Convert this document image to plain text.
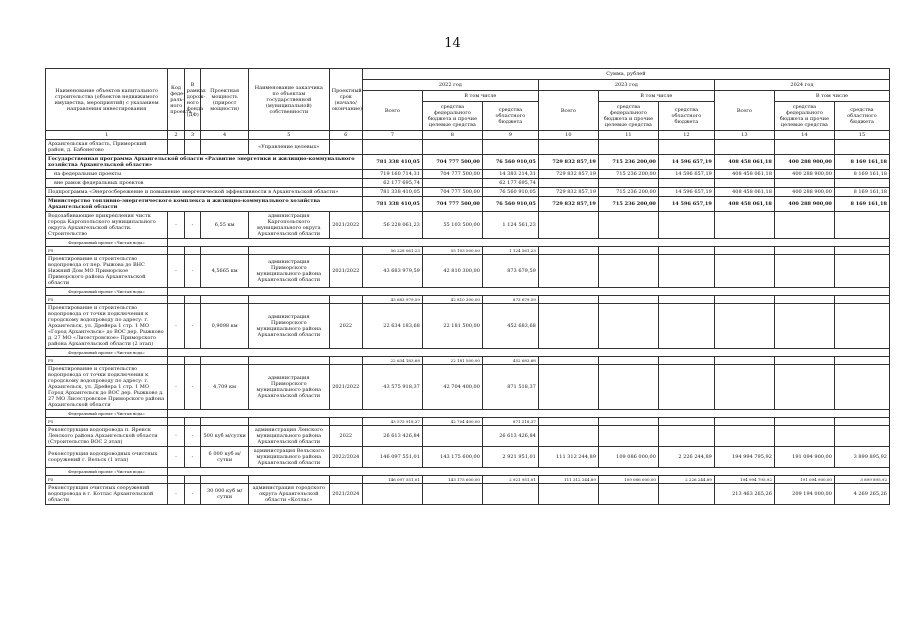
14
Наименование объектов капитального строительства (объектов недвижимого имущества, мероприятий) с указанием направления инвестирования	Код феде-раль-ного проекта	В рамках дорож-ного фонда (ДФ)	Проектная мощность (прирост мощности)	Наименование заказчика по объектам государственной (муниципальной) собственности	Проектный срок (начало/окончание)	Сумма, рублей								
						2022 год			2023 год			2024 год		
						Всего	В том числе		Всего	В том числе		Всего	В том числе	
							средства федерального бюджета и прочие целевые средства	средства областного бюджета		средства федерального бюджета и прочие целевые средства	средства областного бюджета		средства федерального бюджета и прочие целевые средства	средства областного бюджета
1	2	3	4	5	6	7	8	9	10	11	12	13	14	15
Архангельская область, Приморский район, д. Бабонегово				«Управление целевых»										
Государственная программа Архангельской области «Развитие энергетики и жилищно-коммунального хозяйства Архангельской области»						781 338 410,05	704 777 500,00	76 560 910,05	729 832 857,19	715 236 200,00	14 596 657,19	408 458 061,18	400 288 900,00	8 169 161,18
на федеральные проекты						719 160 714,31	704 777 500,00	14 383 214,31	729 832 857,19	715 236 200,00	14 596 657,19	408 458 061,18	400 288 900,00	8 169 161,18
вне рамок федеральных проектов						62 177 695,74		62 177 695,74						
Подпрограмма «Энергосбережение и повышение энергетической эффективности в Архангельской области»						781 338 410,05	704 777 500,00	76 560 910,05	729 832 857,19	715 236 200,00	14 596 657,19	408 458 061,18	400 288 900,00	8 169 161,18
Министерство топливно-энергетического комплекса и жилищно-коммунального хозяйства Архангельской области						781 338 410,05	704 777 500,00	76 560 910,05	729 832 857,19	715 236 200,00	14 596 657,19	408 458 061,18	400 288 900,00	8 169 161,18
Водозабивающие прикрепления чистк города Каргопольского муниципального округа Архангельской области. Строительство	-	-	6,55 км	администрация Каргопольского муниципального округа Архангельской области	2021/2022	56 228 061,23	55 103 500,00	1 124 561,23						
Федеральный проект «Чистая вода»														
F5						56 228 061,23	55 103 500,00	1 124 561,23						
Проектирование и строительство водопровода от пер. Рыжова до ВНС Нижний Дом МО Приморское Приморского района Архангельской области	-	-	4,5665 км	администрация Приморского муниципального района Архангельской области	2021/2022	43 683 979,59	42 810 300,00	873 679,59						
Федеральный проект «Чистая вода»														
F5						43 683 979,59	42 810 300,00	873 679,59						
Проектирование и строительство водопровода от точки подключения к городскому водопроводу по адресу: г. Архангельск, ул. Дрейера 1 стр. 1 МО «Город Архангельск» до ВОС дер. Рыжково д. 27 МО «Лисестровское» Приморского района Архангельской области (2 этап)	-	-	0,9098 км	администрация Приморского муниципального района Архангельской области	2022	22 634 183,68	22 181 500,00	452 683,68						
Федеральный проект «Чистая вода»														
F5						22 634 183,68	22 181 500,00	452 683,68						
Проектирование и строительство водопровода от точки подключения к городскому водопроводу по адресу: г. Архангельск, ул. Дрейера 1 стр. 1 МО Город Архангельск до ВОС дер. Рыжково д. 27 МО Лисестровское Приморского района Архангельской области	-	-	4,709 км	администрация Приморского муниципального района Архангельской области	2021/2022	43 575 918,37	42 704 400,00	871 518,37						
Федеральный проект «Чистая вода»														
F5						43 575 918,37	42 704 400,00	871 518,37						
Реконструкция водопровода п. Яренск Ленского района Архангельской области (Строительство ВОС 2 этап)	-	-	500 куб м/сутки	администрация Ленского муниципального района Архангельской области	2022	26 613 426,84		26 613 426,84						
Реконструкция водопроводных очистных сооружений г. Вельск (1 этап)	-	-	6 000 куб м/сутки	администрация Вельского муниципального района Архангельской области	2022/2024	146 097 551,01	143 175 600,00	2 921 951,01	111 312 244,89	109 086 000,00	2 226 244,89	194 994 795,92	191 094 900,00	3 899 895,92
Федеральный проект «Чистая вода»														
F5						146 097 551,01	143 175 600,00	2 921 951,01	111 312 244,89	109 086 000,00	2 226 244,89	194 994 795,92	191 094 900,00	3 899 895,92
Реконструкция очистных сооружений водопровода в г. Котлас Архангельской области	-	-	30 000 куб м/сутки	администрация городского округа Архангельской области «Котлас»	2021/2024							213 463 265,26	209 194 000,00	4 269 265,26
